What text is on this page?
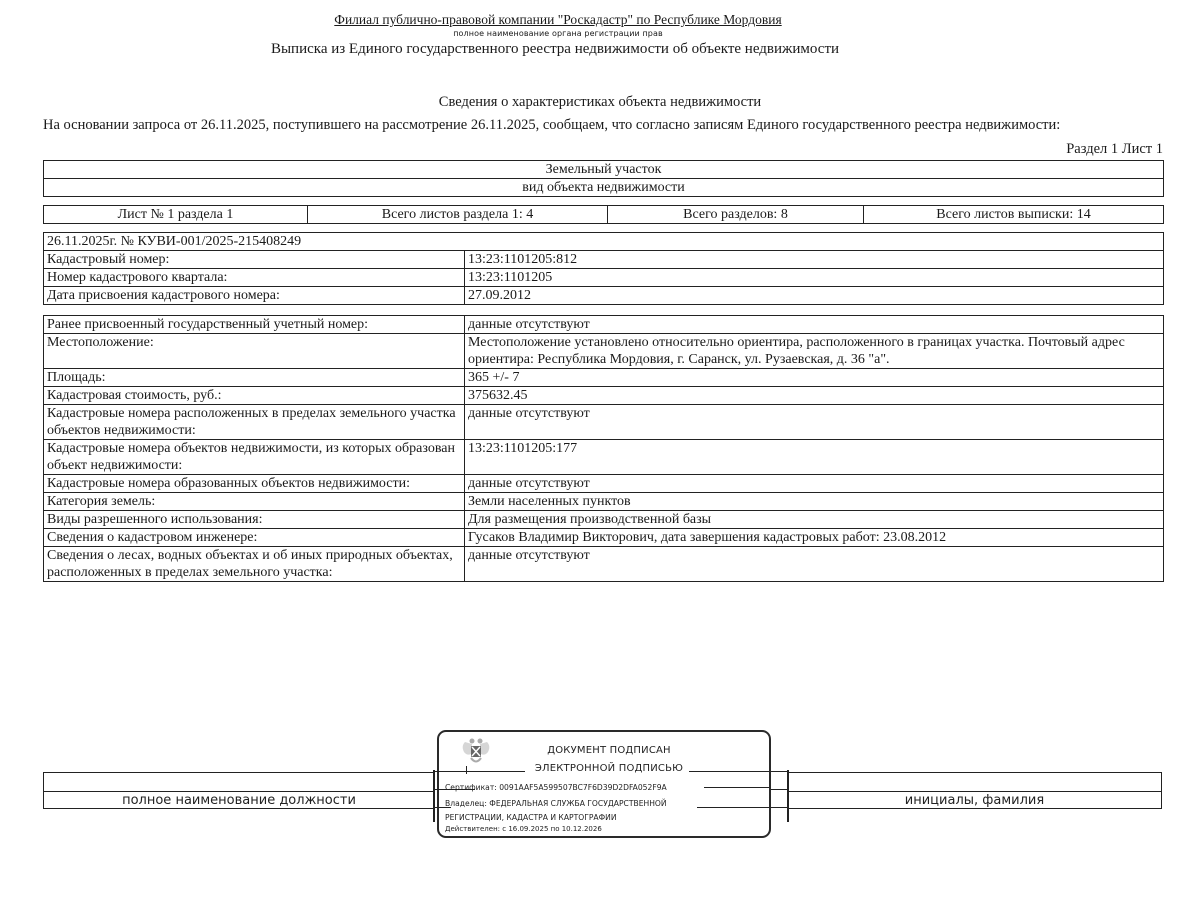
Филиал публично-правовой компании "Роскадастр" по Республике Мордовия
полное наименование органа регистрации прав
Выписка из Единого государственного реестра недвижимости об объекте недвижимости
Сведения о характеристиках объекта недвижимости
На основании запроса от 26.11.2025, поступившего на рассмотрение 26.11.2025, сообщаем, что согласно записям Единого государственного реестра недвижимости:
Раздел 1 Лист 1
Земельный участок
вид объекта недвижимости
Лист № 1 раздела 1	Всего листов раздела 1: 4	Всего разделов: 8	Всего листов выписки: 14
26.11.2025г. № КУВИ-001/2025-215408249	
Кадастровый номер:	13:23:1101205:812
Номер кадастрового квартала:	13:23:1101205
Дата присвоения кадастрового номера:	27.09.2012
Ранее присвоенный государственный учетный номер:	данные отсутствуют
Местоположение:	Местоположение установлено относительно ориентира, расположенного в границах участка. Почтовый адрес ориентира: Республика Мордовия, г. Саранск, ул. Рузаевская, д. 36 "а".
Площадь:	365 +/- 7
Кадастровая стоимость, руб.:	375632.45
Кадастровые номера расположенных в пределах земельного участка объектов недвижимости:	данные отсутствуют
Кадастровые номера объектов недвижимости, из которых образован объект недвижимости:	13:23:1101205:177
Кадастровые номера образованных объектов недвижимости:	данные отсутствуют
Категория земель:	Земли населенных пунктов
Виды разрешенного использования:	Для размещения производственной базы
Сведения о кадастровом инженере:	Гусаков Владимир Викторович, дата завершения кадастровых работ: 23.08.2012
Сведения о лесах, водных объектах и об иных природных объектах, расположенных в пределах земельного участка:	данные отсутствуют
полное наименование должности	инициалы, фамилия
ДОКУМЕНТ ПОДПИСАН
ЭЛЕКТРОННОЙ ПОДПИСЬЮ
Сертификат: 0091AAF5A599507BC7F6D39D2DFA052F9A
Владелец: ФЕДЕРАЛЬНАЯ СЛУЖБА ГОСУДАРСТВЕННОЙ
РЕГИСТРАЦИИ, КАДАСТРА И КАРТОГРАФИИ
Действителен: с 16.09.2025 по 10.12.2026
